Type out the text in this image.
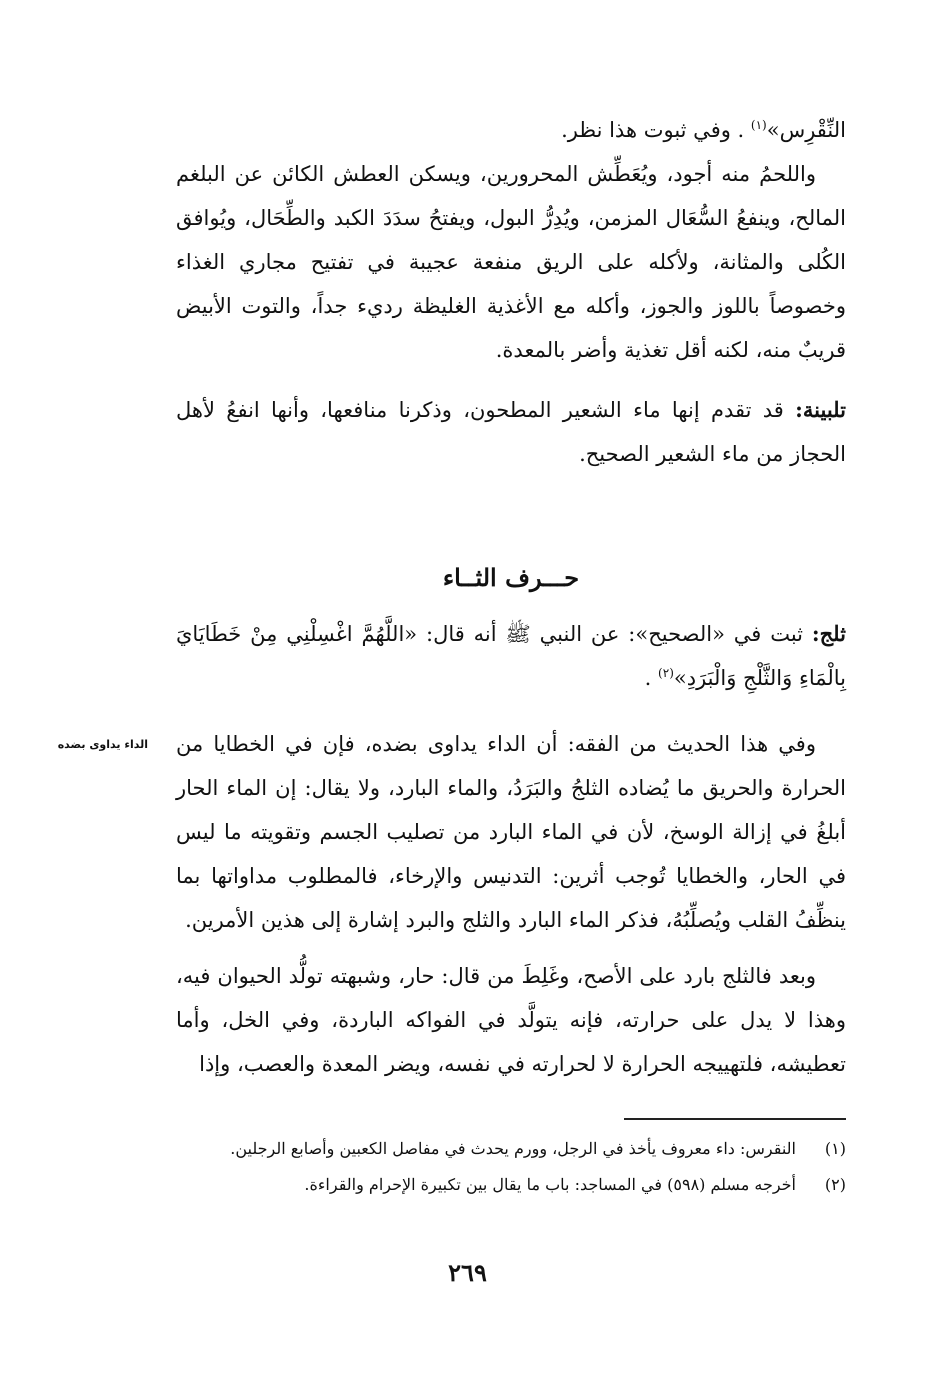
النِّقْرِس»$^{(١)}$ . وفي ثبوت هذا نظر.

واللحمُ منه أجود، ويُعَطِّش المحرورين، ويسكن العطش الكائن عن البلغم المالح، وينفعُ السُّعَال المزمن، ويُدِرُّ البول، ويفتحُ سدَدَ الكبد والطِّحَال، ويُوافق الكُلى والمثانة، ولأكله على الريق منفعة عجيبة في تفتيح مجاري الغذاء وخصوصاً باللوز والجوز، وأكله مع الأغذية الغليظة رديء جداً، والتوت الأبيض قريبٌ منه، لكنه أقل تغذية وأضر بالمعدة.

تلبينة: قد تقدم إنها ماء الشعير المطحون، وذكرنا منافعها، وأنها انفعُ لأهل الحجاز من ماء الشعير الصحيح.

حـــرف الثــاء

ثلج: ثبت في «الصحيح»: عن النبي ﷺ أنه قال: «اللَّهُمَّ اغْسِلْنِي مِنْ خَطَايَايَ بِالْمَاءِ وَالثَّلْجِ وَالْبَرَدِ»$^{(٢)}$ .

الداء يداوى بضده وفي هذا الحديث من الفقه: أن الداء يداوى بضده، فإن في الخطايا من الحرارة والحريق ما يُضاده الثلجُ والبَرَدُ، والماء البارد، ولا يقال: إن الماء الحار أبلغُ في إزالة الوسخ، لأن في الماء البارد من تصليب الجسم وتقويته ما ليس في الحار، والخطايا تُوجب أثرين: التدنيس والإرخاء، فالمطلوب مداواتها بما ينظِّفُ القلب ويُصلِّبُهُ، فذكر الماء البارد والثلج والبرد إشارة إلى هذين الأمرين.

وبعد فالثلج بارد على الأصح، وغَلِطَ من قال: حار، وشبهته تولُّد الحيوان فيه، وهذا لا يدل على حرارته، فإنه يتولَّد في الفواكه الباردة، وفي الخل، وأما تعطيشه، فلتهييجه الحرارة لا لحرارته في نفسه، ويضر المعدة والعصب، وإذا

(١)
النقرس: داء معروف يأخذ في الرجل، وورم يحدث في مفاصل الكعبين وأصابع الرجلين.
(٢)
أخرجه مسلم (٥٩٨) في المساجد: باب ما يقال بين تكبيرة الإحرام والقراءة.
٢٦٩
